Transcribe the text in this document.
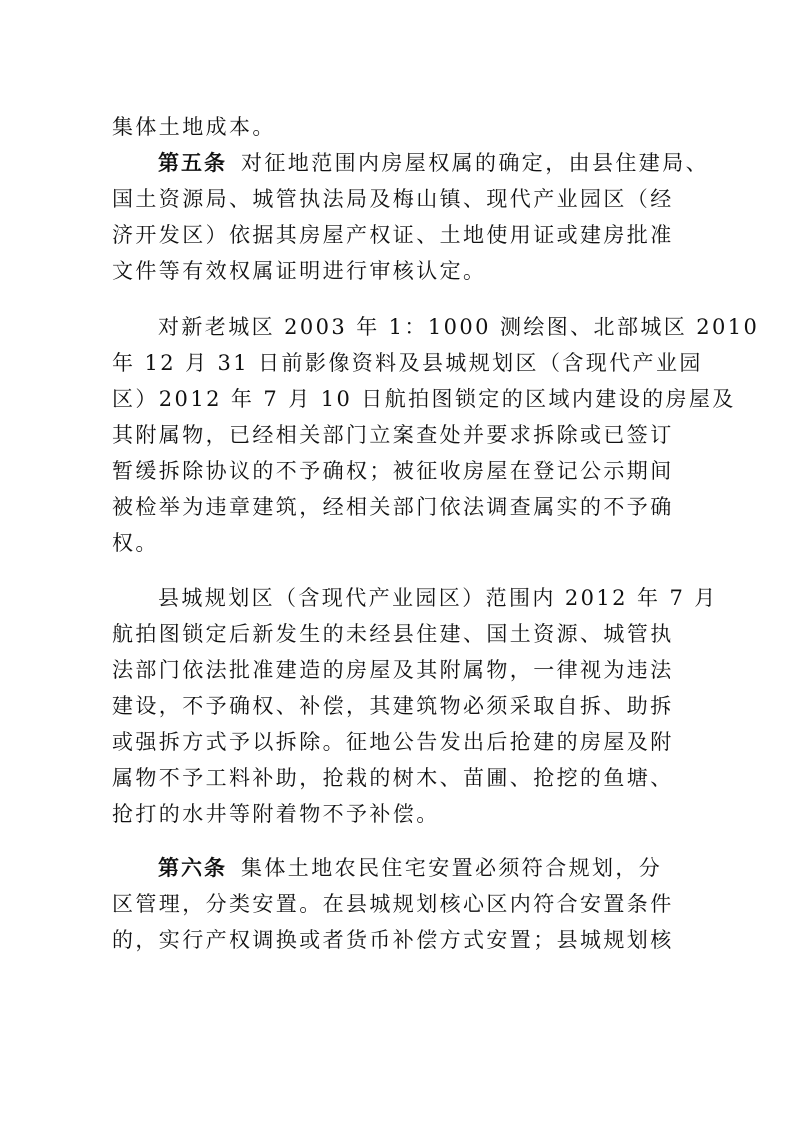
集体土地成本。
第五条 对征地范围内房屋权属的确定，由县住建局、
国土资源局、城管执法局及梅山镇、现代产业园区（经
济开发区）依据其房屋产权证、土地使用证或建房批准
文件等有效权属证明进行审核认定。
对新老城区 2003 年 1：1000 测绘图、北部城区 2010
年 12 月 31 日前影像资料及县城规划区（含现代产业园
区）2012 年 7 月 10 日航拍图锁定的区域内建设的房屋及
其附属物，已经相关部门立案查处并要求拆除或已签订
暂缓拆除协议的不予确权；被征收房屋在登记公示期间
被检举为违章建筑，经相关部门依法调查属实的不予确
权。
县城规划区（含现代产业园区）范围内 2012 年 7 月
航拍图锁定后新发生的未经县住建、国土资源、城管执
法部门依法批准建造的房屋及其附属物，一律视为违法
建设，不予确权、补偿，其建筑物必须采取自拆、助拆
或强拆方式予以拆除。征地公告发出后抢建的房屋及附
属物不予工料补助，抢栽的树木、苗圃、抢挖的鱼塘、
抢打的水井等附着物不予补偿。
第六条 集体土地农民住宅安置必须符合规划，分
区管理，分类安置。在县城规划核心区内符合安置条件
的，实行产权调换或者货币补偿方式安置；县城规划核
